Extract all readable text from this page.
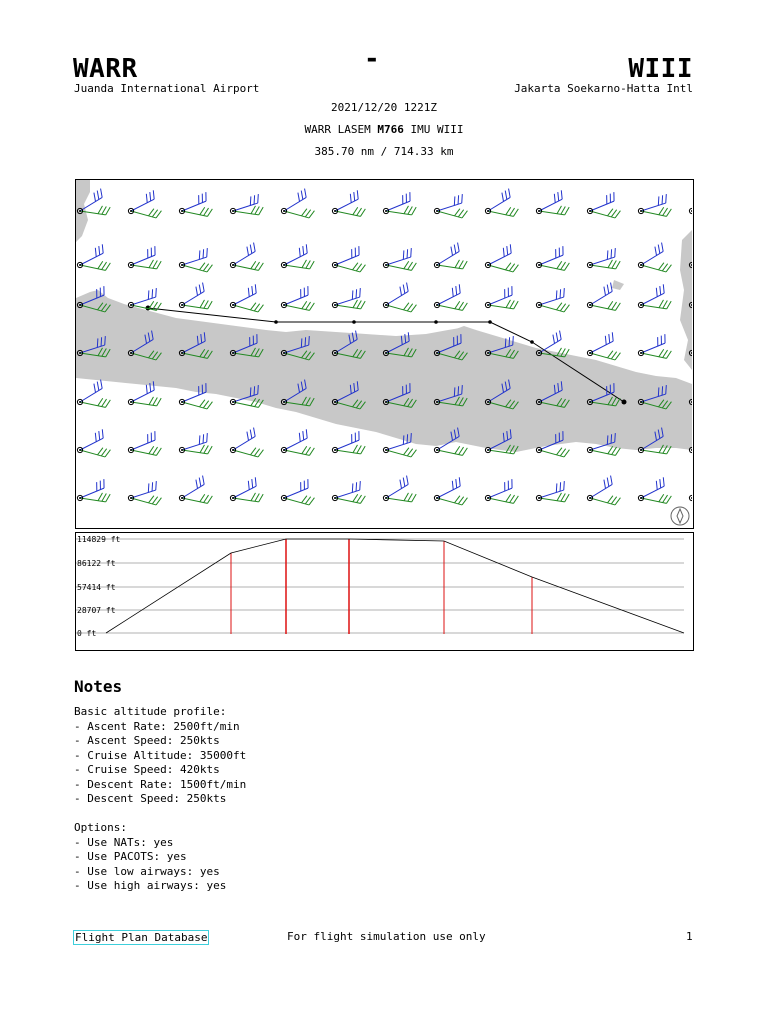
WARR
Juanda International Airport
-	WIII
Jakarta Soekarno-Hatta Intl
2021/12/20 1221Z
WARR LASEM M766 IMU WIII
385.70 nm / 714.33 km
114829 ft
86122 ft
57414 ft
28707 ft
0 ft
Notes
Basic altitude profile:
- Ascent Rate: 2500ft/min
- Ascent Speed: 250kts
- Cruise Altitude: 35000ft
- Cruise Speed: 420kts
- Descent Rate: 1500ft/min
- Descent Speed: 250kts
Options:
- Use NATs: yes
- Use PACOTS: yes
- Use low airways: yes
- Use high airways: yes
Flight Plan Database	For flight simulation use only	1
